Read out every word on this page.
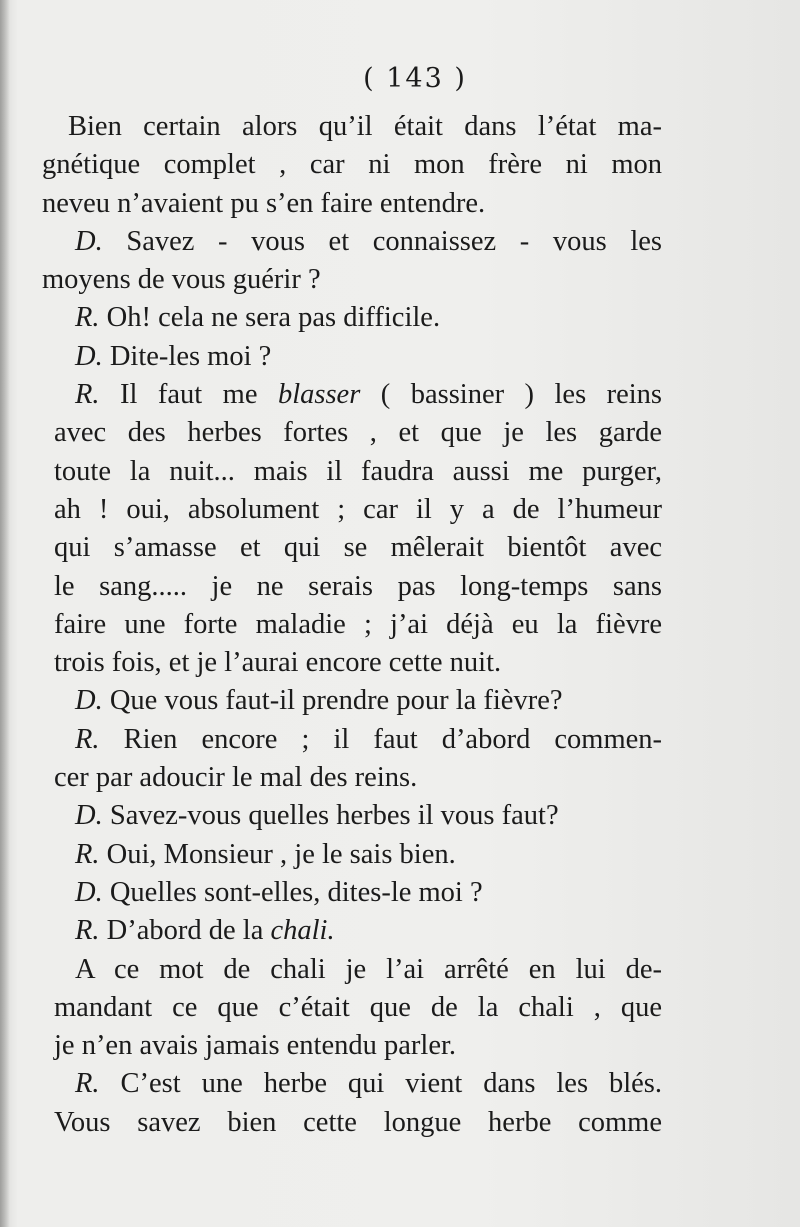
( 143 )
Bien certain alors qu’il était dans l’état ma-
gnétique complet , car ni mon frère ni mon
neveu n’avaient pu s’en faire entendre.
D. Savez - vous et connaissez - vous les
moyens de vous guérir ?
R. Oh! cela ne sera pas difficile.
D. Dite-les moi ?
R. Il faut me blasser ( bassiner ) les reins
avec des herbes fortes , et que je les garde
toute la nuit... mais il faudra aussi me purger,
ah ! oui, absolument ; car il y a de l’humeur
qui s’amasse et qui se mêlerait bientôt avec
le sang..... je ne serais pas long-temps sans
faire une forte maladie ; j’ai déjà eu la fièvre
trois fois, et je l’aurai encore cette nuit.
D. Que vous faut-il prendre pour la fièvre?
R. Rien encore ; il faut d’abord commen-
cer par adoucir le mal des reins.
D. Savez-vous quelles herbes il vous faut?
R. Oui, Monsieur , je le sais bien.
D. Quelles sont-elles, dites-le moi ?
R. D’abord de la chali.
A ce mot de chali je l’ai arrêté en lui de-
mandant ce que c’était que de la chali , que
je n’en avais jamais entendu parler.
R. C’est une herbe qui vient dans les blés.
Vous savez bien cette longue herbe comme
